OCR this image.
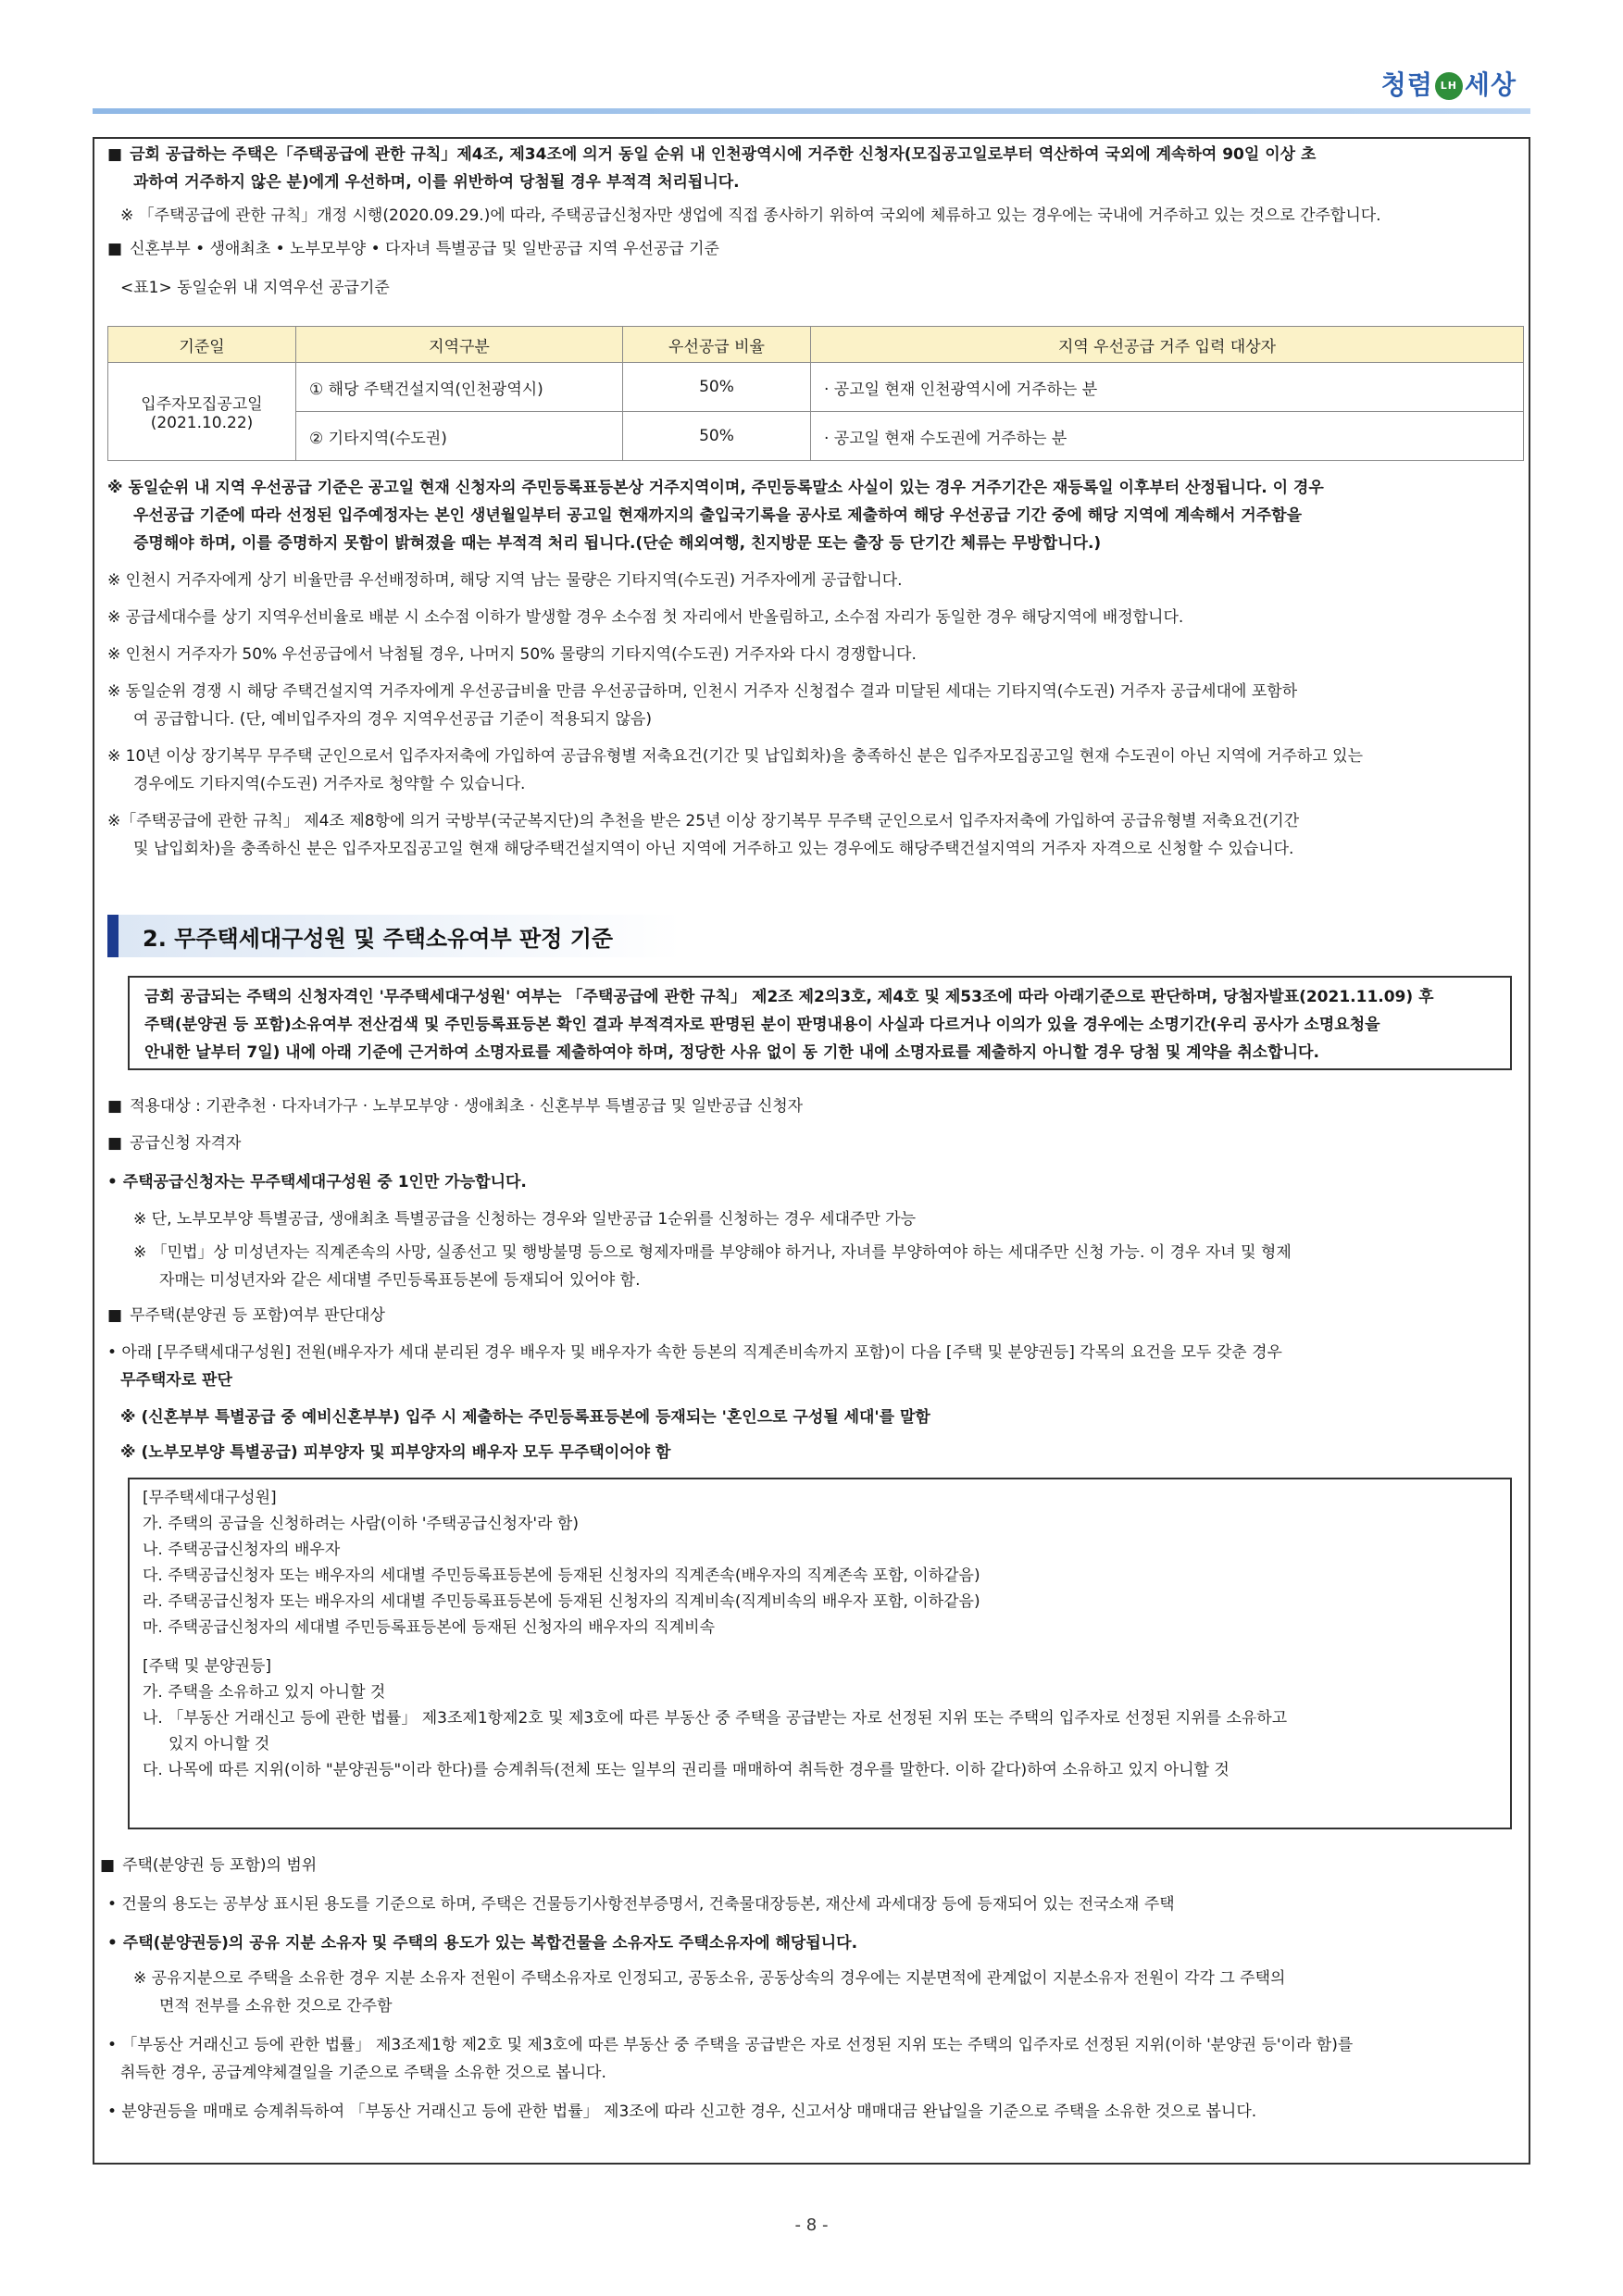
청렴 LH 세상
■ 금회 공급하는 주택은「주택공급에 관한 규칙」제4조, 제34조에 의거 동일 순위 내 인천광역시에 거주한 신청자(모집공고일로부터 역산하여 국외에 계속하여 90일 이상 초
과하여 거주하지 않은 분)에게 우선하며, 이를 위반하여 당첨될 경우 부적격 처리됩니다.
※ 「주택공급에 관한 규칙」개정 시행(2020.09.29.)에 따라, 주택공급신청자만 생업에 직접 종사하기 위하여 국외에 체류하고 있는 경우에는 국내에 거주하고 있는 것으로 간주합니다.
■ 신혼부부 • 생애최초 • 노부모부양 • 다자녀 특별공급 및 일반공급 지역 우선공급 기준
<표1> 동일순위 내 지역우선 공급기준
기준일	지역구분	우선공급 비율	지역 우선공급 거주 입력 대상자

입주자모집공고일
(2021.10.22)	① 해당 주택건설지역(인천광역시)	50%	· 공고일 현재 인천광역시에 거주하는 분
	② 기타지역(수도권)	50%	· 공고일 현재 수도권에 거주하는 분
※ 동일순위 내 지역 우선공급 기준은 공고일 현재 신청자의 주민등록표등본상 거주지역이며, 주민등록말소 사실이 있는 경우 거주기간은 재등록일 이후부터 산정됩니다. 이 경우
우선공급 기준에 따라 선정된 입주예정자는 본인 생년월일부터 공고일 현재까지의 출입국기록을 공사로 제출하여 해당 우선공급 기간 중에 해당 지역에 계속해서 거주함을
증명해야 하며, 이를 증명하지 못함이 밝혀졌을 때는 부적격 처리 됩니다.(단순 해외여행, 친지방문 또는 출장 등 단기간 체류는 무방합니다.)
※ 인천시 거주자에게 상기 비율만큼 우선배정하며, 해당 지역 남는 물량은 기타지역(수도권) 거주자에게 공급합니다.
※ 공급세대수를 상기 지역우선비율로 배분 시 소수점 이하가 발생할 경우 소수점 첫 자리에서 반올림하고, 소수점 자리가 동일한 경우 해당지역에 배정합니다.
※ 인천시 거주자가 50% 우선공급에서 낙첨될 경우, 나머지 50% 물량의 기타지역(수도권) 거주자와 다시 경쟁합니다.
※ 동일순위 경쟁 시 해당 주택건설지역 거주자에게 우선공급비율 만큼 우선공급하며, 인천시 거주자 신청접수 결과 미달된 세대는 기타지역(수도권) 거주자 공급세대에 포함하
여 공급합니다. (단, 예비입주자의 경우 지역우선공급 기준이 적용되지 않음)
※ 10년 이상 장기복무 무주택 군인으로서 입주자저축에 가입하여 공급유형별 저축요건(기간 및 납입회차)을 충족하신 분은 입주자모집공고일 현재 수도권이 아닌 지역에 거주하고 있는
경우에도 기타지역(수도권) 거주자로 청약할 수 있습니다.
※「주택공급에 관한 규칙」 제4조 제8항에 의거 국방부(국군복지단)의 추천을 받은 25년 이상 장기복무 무주택 군인으로서 입주자저축에 가입하여 공급유형별 저축요건(기간
및 납입회차)을 충족하신 분은 입주자모집공고일 현재 해당주택건설지역이 아닌 지역에 거주하고 있는 경우에도 해당주택건설지역의 거주자 자격으로 신청할 수 있습니다.
2. 무주택세대구성원 및 주택소유여부 판정 기준
금회 공급되는 주택의 신청자격인 '무주택세대구성원' 여부는 「주택공급에 관한 규칙」 제2조 제2의3호, 제4호 및 제53조에 따라 아래기준으로 판단하며, 당첨자발표(2021.11.09) 후
주택(분양권 등 포함)소유여부 전산검색 및 주민등록표등본 확인 결과 부적격자로 판명된 분이 판명내용이 사실과 다르거나 이의가 있을 경우에는 소명기간(우리 공사가 소명요청을
안내한 날부터 7일) 내에 아래 기준에 근거하여 소명자료를 제출하여야 하며, 정당한 사유 없이 동 기한 내에 소명자료를 제출하지 아니할 경우 당첨 및 계약을 취소합니다.
■ 적용대상 : 기관추천 · 다자녀가구 · 노부모부양 · 생애최초 · 신혼부부 특별공급 및 일반공급 신청자
■ 공급신청 자격자
• 주택공급신청자는 무주택세대구성원 중 1인만 가능합니다.
※ 단, 노부모부양 특별공급, 생애최초 특별공급을 신청하는 경우와 일반공급 1순위를 신청하는 경우 세대주만 가능
※ 「민법」상 미성년자는 직계존속의 사망, 실종선고 및 행방불명 등으로 형제자매를 부양해야 하거나, 자녀를 부양하여야 하는 세대주만 신청 가능. 이 경우 자녀 및 형제
자매는 미성년자와 같은 세대별 주민등록표등본에 등재되어 있어야 함.
■ 무주택(분양권 등 포함)여부 판단대상
• 아래 [무주택세대구성원] 전원(배우자가 세대 분리된 경우 배우자 및 배우자가 속한 등본의 직계존비속까지 포함)이 다음 [주택 및 분양권등] 각목의 요건을 모두 갖춘 경우
무주택자로 판단
※ (신혼부부 특별공급 중 예비신혼부부) 입주 시 제출하는 주민등록표등본에 등재되는 '혼인으로 구성될 세대'를 말함
※ (노부모부양 특별공급) 피부양자 및 피부양자의 배우자 모두 무주택이어야 함
[무주택세대구성원]
가. 주택의 공급을 신청하려는 사람(이하 '주택공급신청자'라 함)
나. 주택공급신청자의 배우자
다. 주택공급신청자 또는 배우자의 세대별 주민등록표등본에 등재된 신청자의 직계존속(배우자의 직계존속 포함, 이하같음)
라. 주택공급신청자 또는 배우자의 세대별 주민등록표등본에 등재된 신청자의 직계비속(직계비속의 배우자 포함, 이하같음)
마. 주택공급신청자의 세대별 주민등록표등본에 등재된 신청자의 배우자의 직계비속
[주택 및 분양권등]
가. 주택을 소유하고 있지 아니할 것
나. 「부동산 거래신고 등에 관한 법률」 제3조제1항제2호 및 제3호에 따른 부동산 중 주택을 공급받는 자로 선정된 지위 또는 주택의 입주자로 선정된 지위를 소유하고
있지 아니할 것
다. 나목에 따른 지위(이하 "분양권등"이라 한다)를 승계취득(전체 또는 일부의 권리를 매매하여 취득한 경우를 말한다. 이하 같다)하여 소유하고 있지 아니할 것
■ 주택(분양권 등 포함)의 범위
• 건물의 용도는 공부상 표시된 용도를 기준으로 하며, 주택은 건물등기사항전부증명서, 건축물대장등본, 재산세 과세대장 등에 등재되어 있는 전국소재 주택
• 주택(분양권등)의 공유 지분 소유자 및 주택의 용도가 있는 복합건물을 소유자도 주택소유자에 해당됩니다.
※ 공유지분으로 주택을 소유한 경우 지분 소유자 전원이 주택소유자로 인정되고, 공동소유, 공동상속의 경우에는 지분면적에 관계없이 지분소유자 전원이 각각 그 주택의
면적 전부를 소유한 것으로 간주함
• 「부동산 거래신고 등에 관한 법률」 제3조제1항 제2호 및 제3호에 따른 부동산 중 주택을 공급받은 자로 선정된 지위 또는 주택의 입주자로 선정된 지위(이하 '분양권 등'이라 함)를
취득한 경우, 공급계약체결일을 기준으로 주택을 소유한 것으로 봅니다.
• 분양권등을 매매로 승계취득하여 「부동산 거래신고 등에 관한 법률」 제3조에 따라 신고한 경우, 신고서상 매매대금 완납일을 기준으로 주택을 소유한 것으로 봅니다.
- 8 -
